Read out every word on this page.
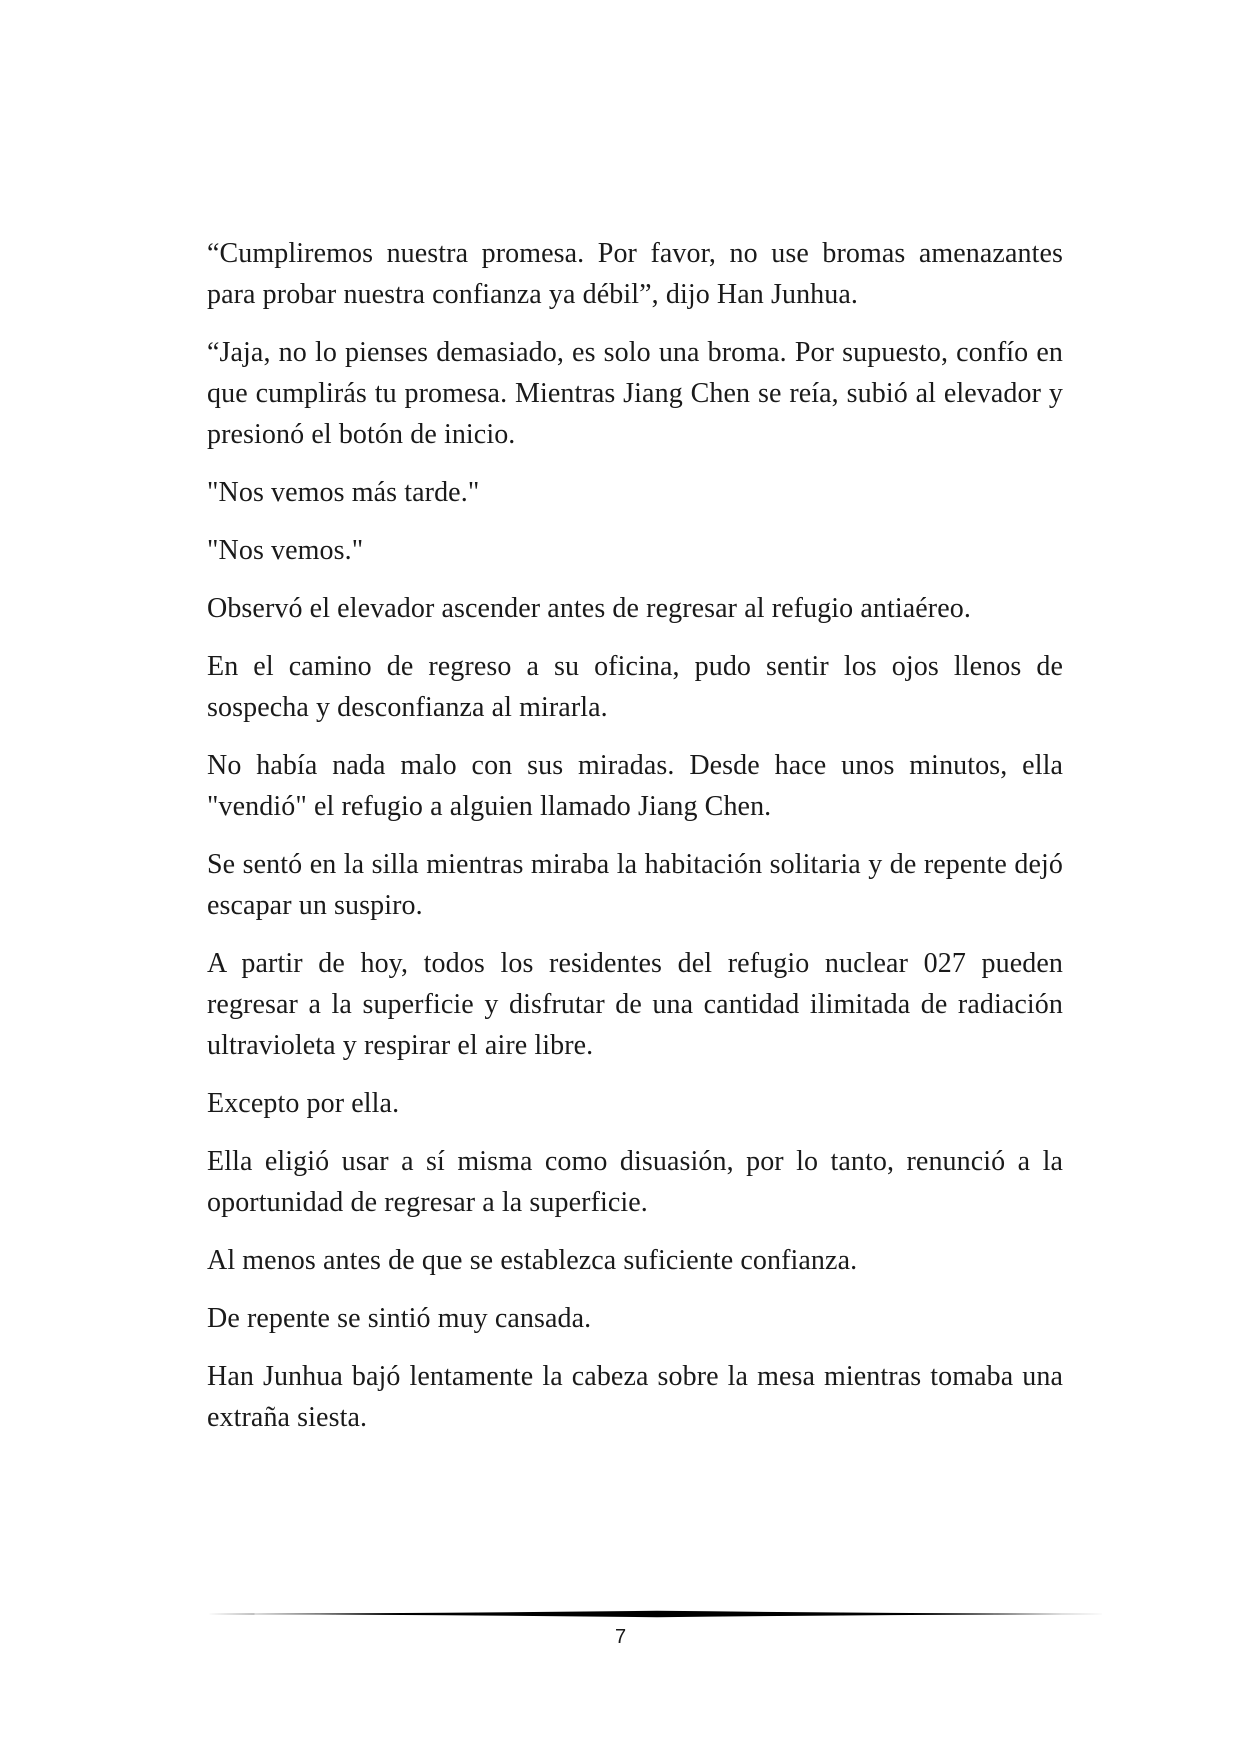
“Cumpliremos nuestra promesa. Por favor, no use bromas amenazantes para probar nuestra confianza ya débil”, dijo Han Junhua.

“Jaja, no lo pienses demasiado, es solo una broma. Por supuesto, confío en que cumplirás tu promesa. Mientras Jiang Chen se reía, subió al elevador y presionó el botón de inicio.

"Nos vemos más tarde."

"Nos vemos."

Observó el elevador ascender antes de regresar al refugio antiaéreo.

En el camino de regreso a su oficina, pudo sentir los ojos llenos de sospecha y desconfianza al mirarla.

No había nada malo con sus miradas. Desde hace unos minutos, ella "vendió" el refugio a alguien llamado Jiang Chen.

Se sentó en la silla mientras miraba la habitación solitaria y de repente dejó escapar un suspiro.

A partir de hoy, todos los residentes del refugio nuclear 027 pueden regresar a la superficie y disfrutar de una cantidad ilimitada de radiación ultravioleta y respirar el aire libre.

Excepto por ella.

Ella eligió usar a sí misma como disuasión, por lo tanto, renunció a la oportunidad de regresar a la superficie.

Al menos antes de que se establezca suficiente confianza.

De repente se sintió muy cansada.

Han Junhua bajó lentamente la cabeza sobre la mesa mientras tomaba una extraña siesta.

7
